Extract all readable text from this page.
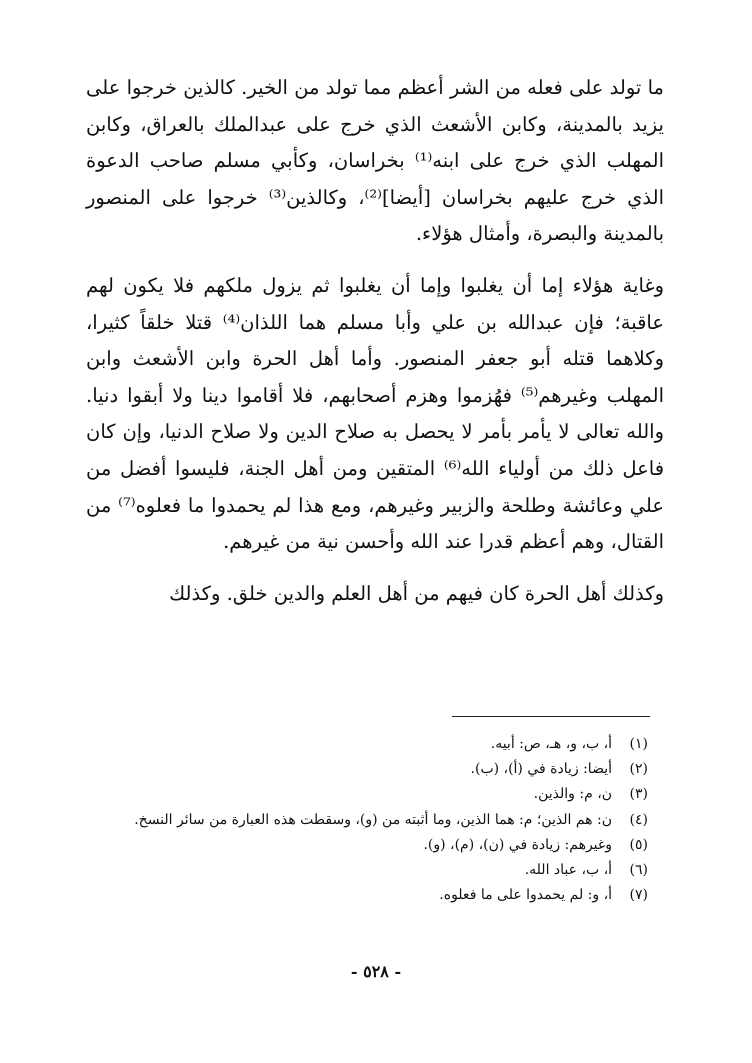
ما تولد على فعله من الشر أعظم مما تولد من الخير. كالذين خرجوا على يزيد بالمدينة، وكابن الأشعث الذي خرج على عبدالملك بالعراق، وكابن المهلب الذي خرج على ابنه⁽¹⁾ بخراسان، وكأبي مسلم صاحب الدعوة الذي خرج عليهم بخراسان [أيضا]⁽²⁾، وكالذين⁽³⁾ خرجوا على المنصور بالمدينة والبصرة، وأمثال هؤلاء.

وغاية هؤلاء إما أن يغلبوا وإما أن يغلبوا ثم يزول ملكهم فلا يكون لهم عاقبة؛ فإن عبدالله بن علي وأبا مسلم هما اللذان⁽⁴⁾ قتلا خلقاً كثيرا، وكلاهما قتله أبو جعفر المنصور. وأما أهل الحرة وابن الأشعث وابن المهلب وغيرهم⁽⁵⁾ فهُزموا وهزم أصحابهم، فلا أقاموا دينا ولا أبقوا دنيا. والله تعالى لا يأمر بأمر لا يحصل به صلاح الدين ولا صلاح الدنيا، وإن كان فاعل ذلك من أولياء الله⁽⁶⁾ المتقين ومن أهل الجنة، فليسوا أفضل من علي وعائشة وطلحة والزبير وغيرهم، ومع هذا لم يحمدوا ما فعلوه⁽⁷⁾ من القتال، وهم أعظم قدرا عند الله وأحسن نية من غيرهم.

وكذلك أهل الحرة كان فيهم من أهل العلم والدين خلق. وكذلك

(١)
أ، ب، و، هـ، ص: أبيه.
(٢)
أيضا: زيادة في (أ)، (ب).
(٣)
ن، م: والذين.
(٤)
ن: هم الذين؛ م: هما الذين، وما أثبته من (و)، وسقطت هذه العبارة من سائر النسخ.
(٥)
وغيرهم: زيادة في (ن)، (م)، (و).
(٦)
أ، ب، عباد الله.
(٧)
أ، و: لم يحمدوا على ما فعلوه.
- ٥٢٨ -
